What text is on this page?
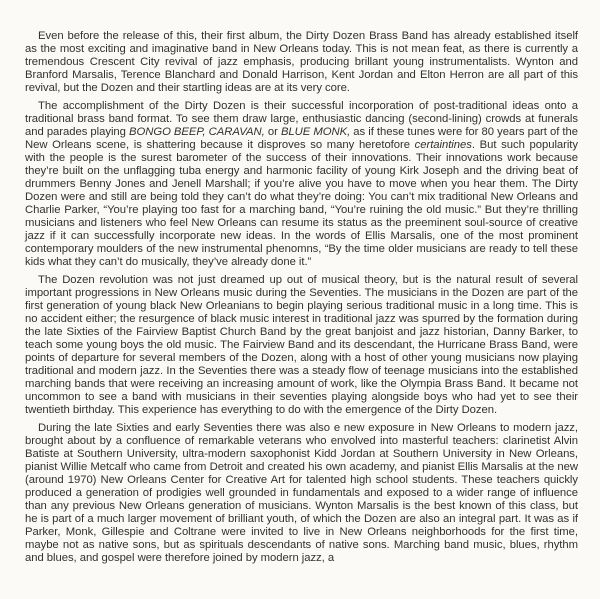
Even before the release of this, their first album, the Dirty Dozen Brass Band has already established itself as the most exciting and imaginative band in New Orleans today. This is not mean feat, as there is currently a tremendous Crescent City revival of jazz emphasis, producing brillant young instrumentalists. Wynton and Branford Marsalis, Terence Blanchard and Donald Harrison, Kent Jordan and Elton Herron are all part of this revival, but the Dozen and their startling ideas are at its very core.

The accomplishment of the Dirty Dozen is their successful incorporation of post-traditional ideas onto a traditional brass band format. To see them draw large, enthusiastic dancing (second-lining) crowds at funerals and parades playing BONGO BEEP, CARAVAN, or BLUE MONK, as if these tunes were for 80 years part of the New Orleans scene, is shattering because it disproves so many heretofore certaintines. But such popularity with the people is the surest barometer of the success of their innovations. Their innovations work because they’re built on the unflagging tuba energy and harmonic facility of young Kirk Joseph and the driving beat of drummers Benny Jones and Jenell Marshall; if you’re alive you have to move when you hear them. The Dirty Dozen were and still are being told they can’t do what they’re doing: You can’t mix traditional New Orleans and Charlie Parker, “You’re playing too fast for a marching band, “You’re ruining the old music.” But they’re thrilling musicians and listeners who feel New Orleans can resume its status as the preeminent soul-source of creative jazz if it can successfully incorporate new ideas. In the words of Ellis Marsalis, one of the most prominent contemporary moulders of the new instrumental phenomns, “By the time older musicians are ready to tell these kids what they can’t do musically, they’ve already done it.”

The Dozen revolution was not just dreamed up out of musical theory, but is the natural result of several important progressions in New Orleans music during the Seventies. The musicians in the Dozen are part of the first generation of young black New Orleanians to begin playing serious traditional music in a long time. This is no accident either; the resurgence of black music interest in traditional jazz was spurred by the formation during the late Sixties of the Fairview Baptist Church Band by the great banjoist and jazz historian, Danny Barker, to teach some young boys the old music. The Fairview Band and its descendant, the Hurricane Brass Band, were points of departure for several members of the Dozen, along with a host of other young musicians now playing traditional and modern jazz. In the Seventies there was a steady flow of teenage musicians into the established marching bands that were receiving an increasing amount of work, like the Olympia Brass Band. It became not uncommon to see a band with musicians in their seventies playing alongside boys who had yet to see their twentieth birthday. This experience has everything to do with the emergence of the Dirty Dozen.

During the late Sixties and early Seventies there was also e new exposure in New Orleans to modern jazz, brought about by a confluence of remarkable veterans who envolved into masterful teachers: clarinetist Alvin Batiste at Southern University, ultra-modern saxophonist Kidd Jordan at Southern University in New Orleans, pianist Willie Metcalf who came from Detroit and created his own academy, and pianist Ellis Marsalis at the new (around 1970) New Orleans Center for Creative Art for talented high school students. These teachers quickly produced a generation of prodigies well grounded in fundamentals and exposed to a wider range of influence than any previous New Orleans generation of musicians. Wynton Marsalis is the best known of this class, but he is part of a much larger movement of brilliant youth, of which the Dozen are also an integral part. It was as if Parker, Monk, Gillespie and Coltrane were invited to live in New Orleans neighborhoods for the first time, maybe not as native sons, but as spirituals descendants of native sons. Marching band music, blues, rhythm and blues, and gospel were therefore joined by modern jazz, a
